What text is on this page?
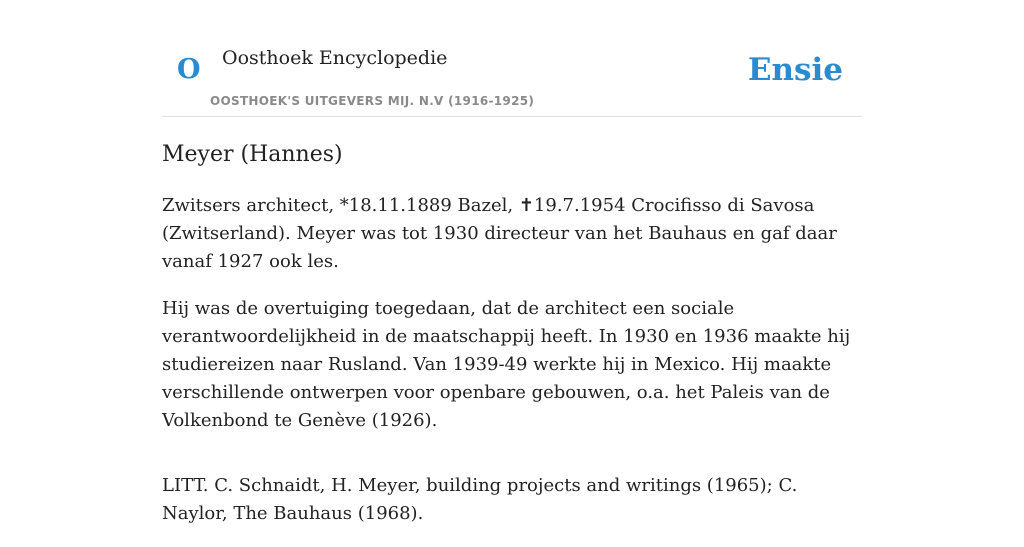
O Oosthoek Encyclopedie
OOSTHOEK'S UITGEVERS MIJ. N.V (1916-1925)
Ensie
Meyer (Hannes)

Zwitsers architect, *18.11.1889 Bazel, ✝19.7.1954 Crocifisso di Savosa (Zwitserland). Meyer was tot 1930 directeur van het Bauhaus en gaf daar vanaf 1927 ook les.

Hij was de overtuiging toegedaan, dat de architect een sociale verantwoordelijkheid in de maatschappij heeft. In 1930 en 1936 maakte hij studiereizen naar Rusland. Van 1939-49 werkte hij in Mexico. Hij maakte verschillende ontwerpen voor openbare gebouwen, o.a. het Paleis van de Volkenbond te Genève (1926).

LITT. C. Schnaidt, H. Meyer, building projects and writings (1965); C. Naylor, The Bauhaus (1968).
